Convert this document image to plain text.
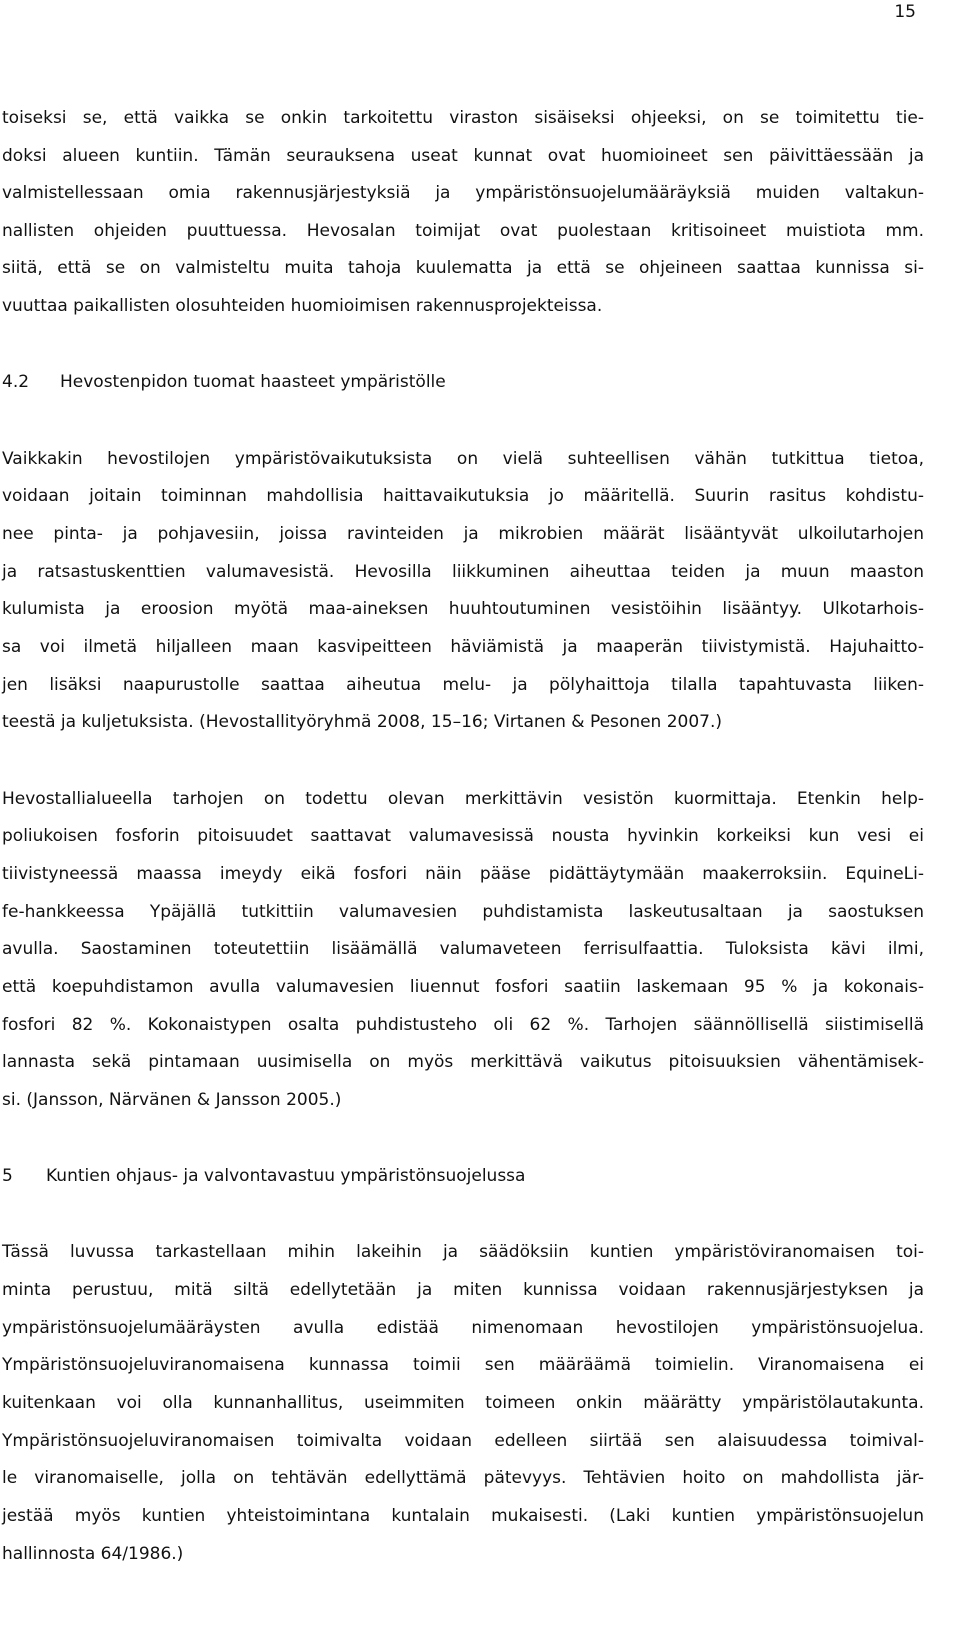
15
toiseksi se, että vaikka se onkin tarkoitettu viraston sisäiseksi ohjeeksi, on se toimitettu tie-
doksi alueen kuntiin. Tämän seurauksena useat kunnat ovat huomioineet sen päivittäessään ja
valmistellessaan omia rakennusjärjestyksiä ja ympäristönsuojelumääräyksiä muiden valtakun-
nallisten ohjeiden puuttuessa. Hevosalan toimijat ovat puolestaan kritisoineet muistiota mm.
siitä, että se on valmisteltu muita tahoja kuulematta ja että se ohjeineen saattaa kunnissa si-
vuuttaa paikallisten olosuhteiden huomioimisen rakennusprojekteissa.
4.2 Hevostenpidon tuomat haasteet ympäristölle
Vaikkakin hevostilojen ympäristövaikutuksista on vielä suhteellisen vähän tutkittua tietoa,
voidaan joitain toiminnan mahdollisia haittavaikutuksia jo määritellä. Suurin rasitus kohdistu-
nee pinta- ja pohjavesiin, joissa ravinteiden ja mikrobien määrät lisääntyvät ulkoilutarhojen
ja ratsastuskenttien valumavesistä. Hevosilla liikkuminen aiheuttaa teiden ja muun maaston
kulumista ja eroosion myötä maa-aineksen huuhtoutuminen vesistöihin lisääntyy. Ulkotarhois-
sa voi ilmetä hiljalleen maan kasvipeitteen häviämistä ja maaperän tiivistymistä. Hajuhaitto-
jen lisäksi naapurustolle saattaa aiheutua melu- ja pölyhaittoja tilalla tapahtuvasta liiken-
teestä ja kuljetuksista. (Hevostallityöryhmä 2008, 15–16; Virtanen & Pesonen 2007.)
Hevostallialueella tarhojen on todettu olevan merkittävin vesistön kuormittaja. Etenkin help-
poliukoisen fosforin pitoisuudet saattavat valumavesissä nousta hyvinkin korkeiksi kun vesi ei
tiivistyneessä maassa imeydy eikä fosfori näin pääse pidättäytymään maakerroksiin. EquineLi-
fe-hankkeessa Ypäjällä tutkittiin valumavesien puhdistamista laskeutusaltaan ja saostuksen
avulla. Saostaminen toteutettiin lisäämällä valumaveteen ferrisulfaattia. Tuloksista kävi ilmi,
että koepuhdistamon avulla valumavesien liuennut fosfori saatiin laskemaan 95 % ja kokonais-
fosfori 82 %. Kokonaistypen osalta puhdistusteho oli 62 %. Tarhojen säännöllisellä siistimisellä
lannasta sekä pintamaan uusimisella on myös merkittävä vaikutus pitoisuuksien vähentämisek-
si. (Jansson, Närvänen & Jansson 2005.)
5 Kuntien ohjaus- ja valvontavastuu ympäristönsuojelussa
Tässä luvussa tarkastellaan mihin lakeihin ja säädöksiin kuntien ympäristöviranomaisen toi-
minta perustuu, mitä siltä edellytetään ja miten kunnissa voidaan rakennusjärjestyksen ja
ympäristönsuojelumääräysten avulla edistää nimenomaan hevostilojen ympäristönsuojelua.
Ympäristönsuojeluviranomaisena kunnassa toimii sen määräämä toimielin. Viranomaisena ei
kuitenkaan voi olla kunnanhallitus, useimmiten toimeen onkin määrätty ympäristölautakunta.
Ympäristönsuojeluviranomaisen toimivalta voidaan edelleen siirtää sen alaisuudessa toimival-
le viranomaiselle, jolla on tehtävän edellyttämä pätevyys. Tehtävien hoito on mahdollista jär-
jestää myös kuntien yhteistoimintana kuntalain mukaisesti. (Laki kuntien ympäristönsuojelun
hallinnosta 64/1986.)
